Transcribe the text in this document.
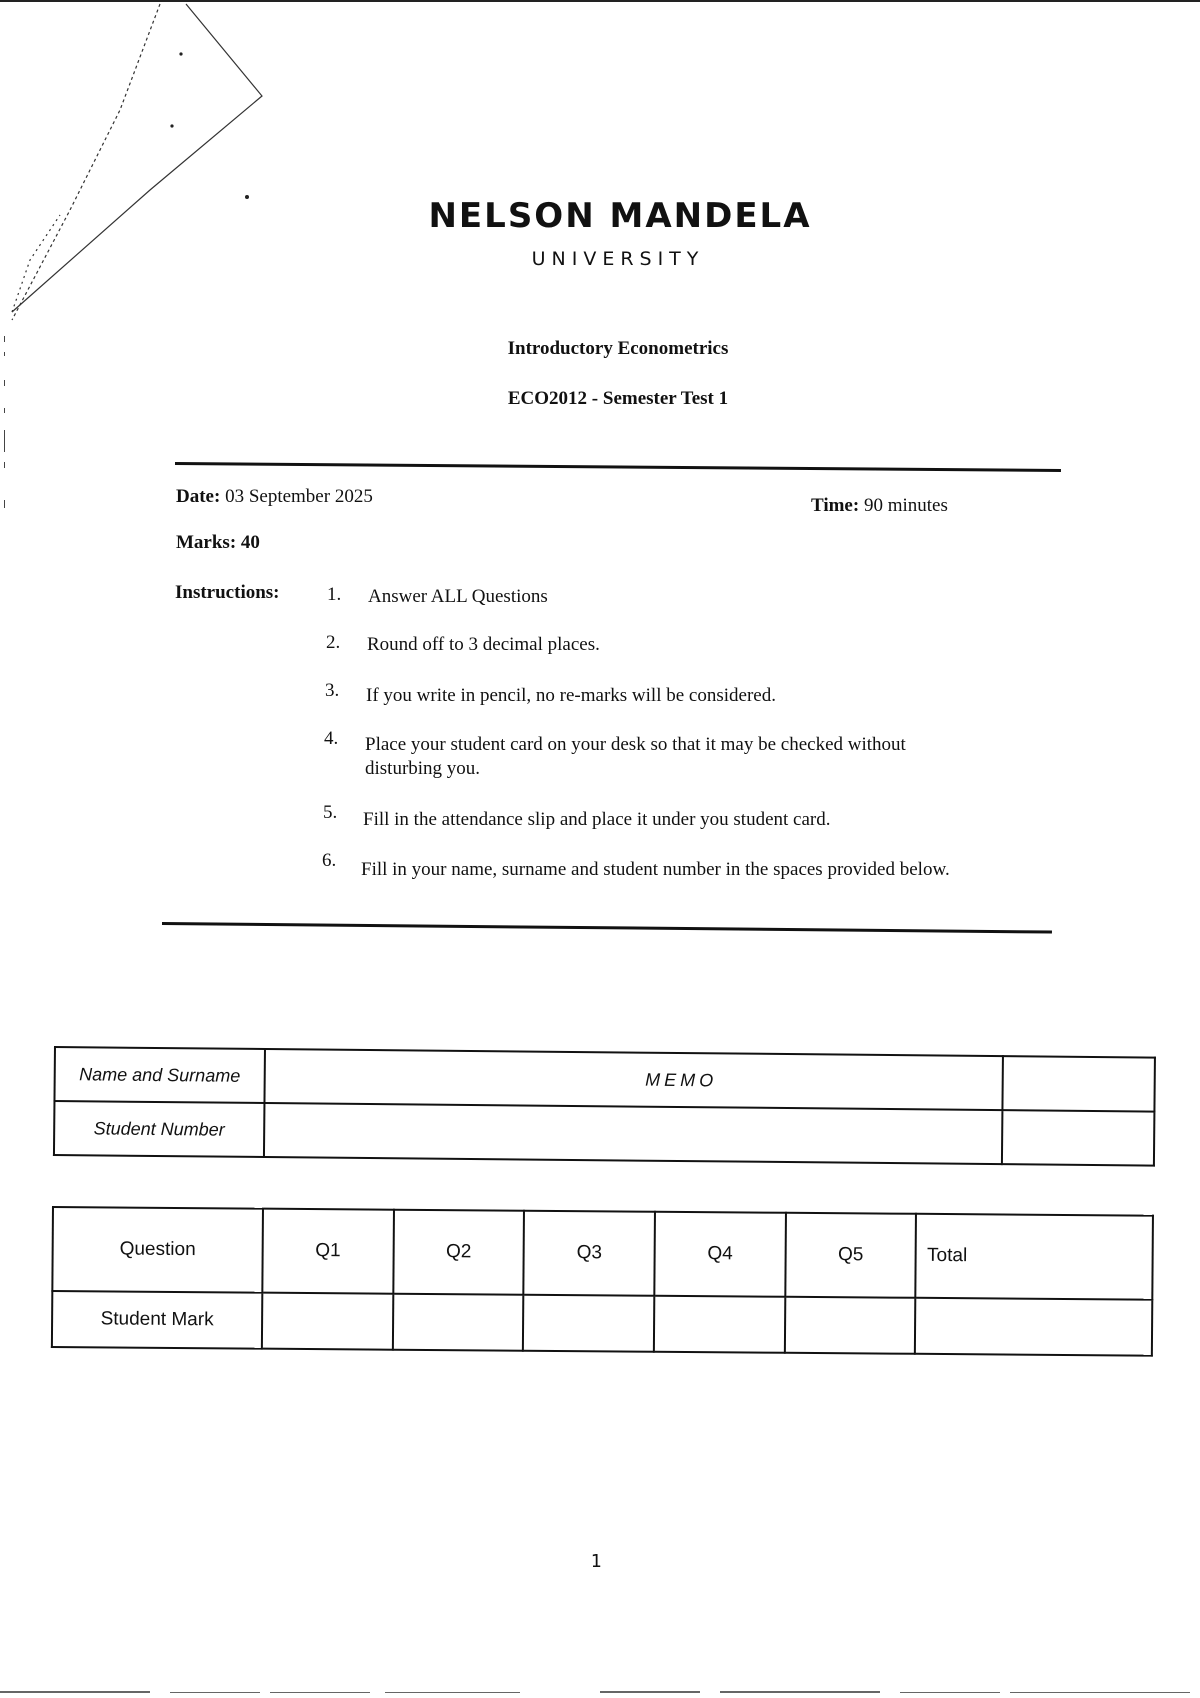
NELSON MANDELA
UNIVERSITY
Introductory Econometrics
ECO2012 - Semester Test 1
Date: 03 September 2025	Time: 90 minutes
Marks: 40
Instructions: 1. Answer ALL Questions
2. Round off to 3 decimal places.
3. If you write in pencil, no re-marks will be considered.
4. Place your student card on your desk so that it may be checked without
disturbing you.
5. Fill in the attendance slip and place it under you student card.
6. Fill in your name, surname and student number in the spaces provided below.
Name and Surname	MEMO	
Student Number		
Question	Q1	Q2	Q3	Q4	Q5	Total
Student Mark						
1
